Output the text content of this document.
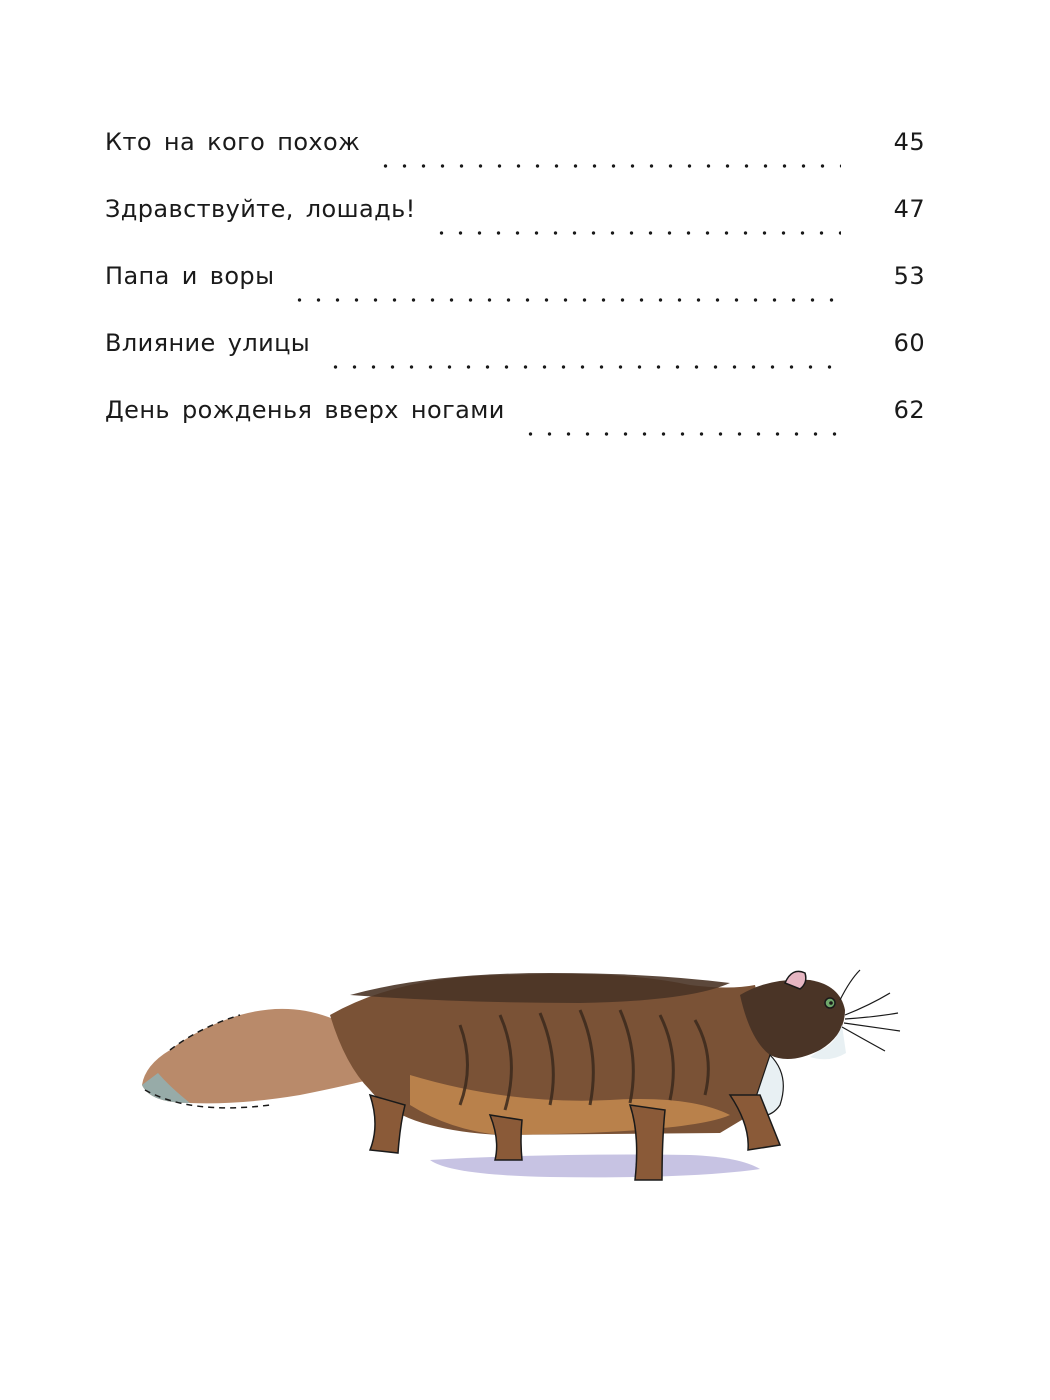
Кто на кого похож	45
Здравствуйте, лошадь!	47
Папа и воры	53
Влияние улицы	60
День рожденья вверх ногами	62
